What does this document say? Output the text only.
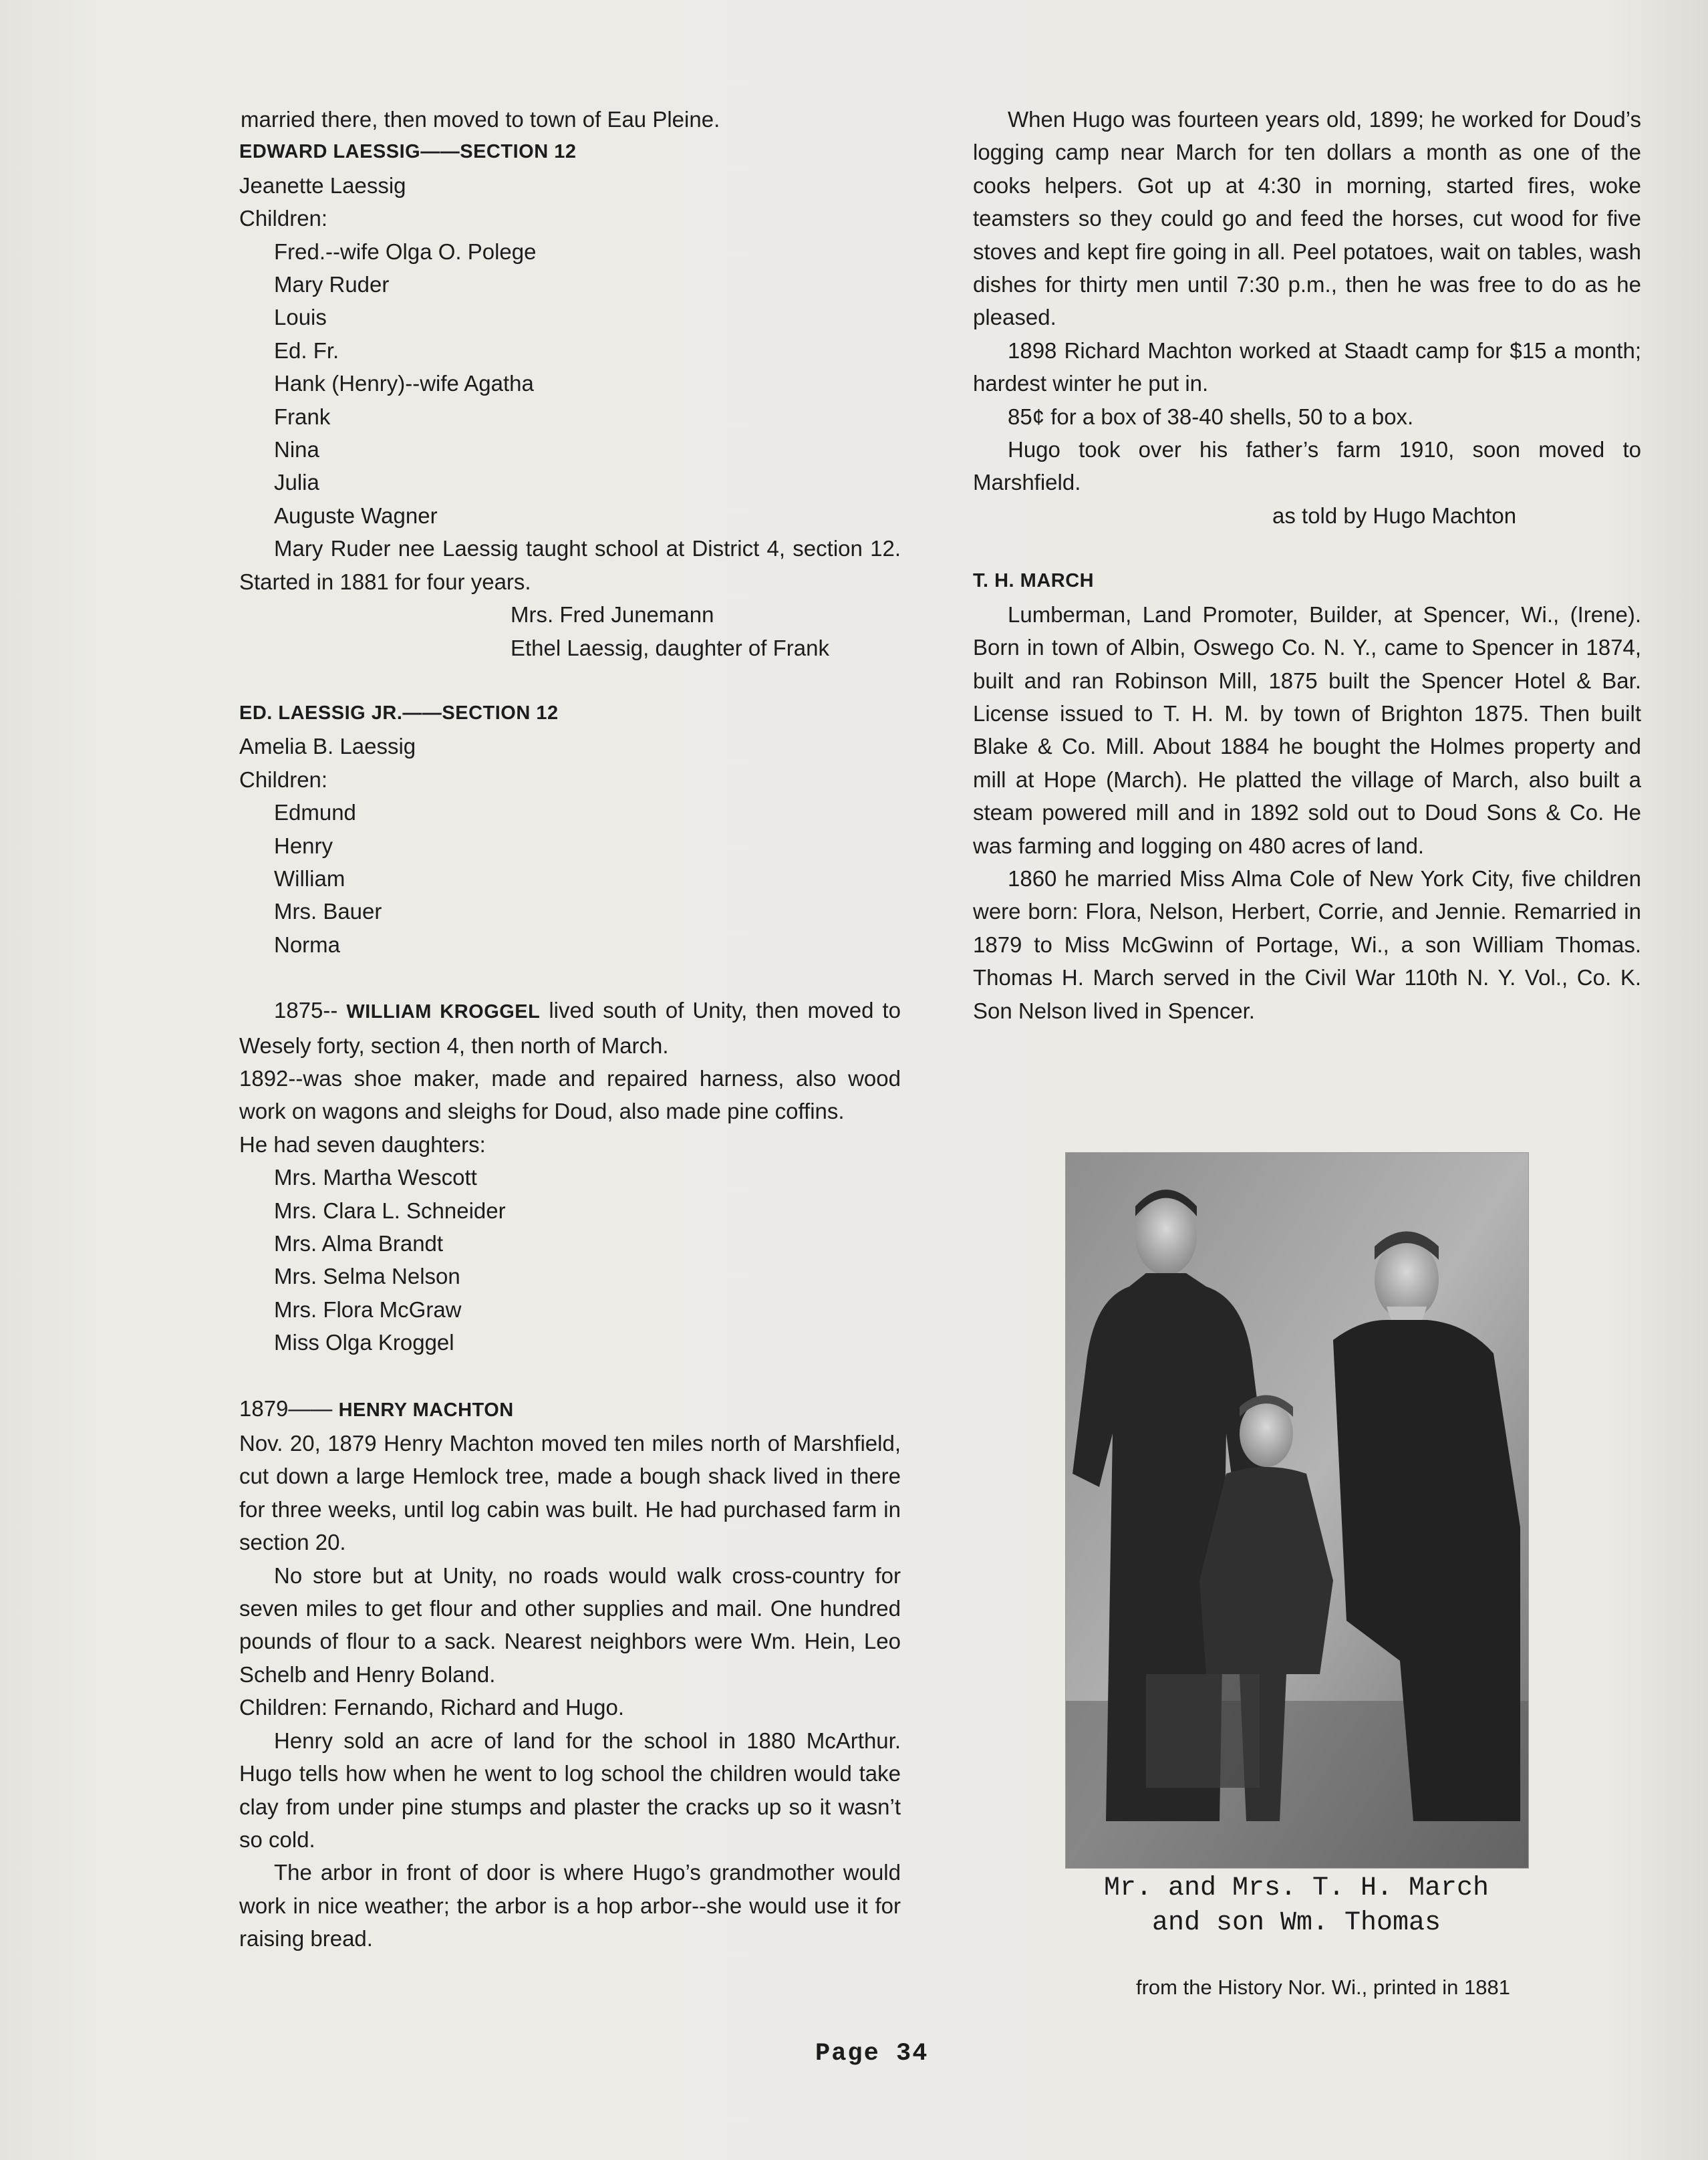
married there, then moved to town of Eau Pleine.

EDWARD LAESSIG——SECTION 12

Jeanette Laessig

Children:

Fred.--wife Olga O. Polege

Mary Ruder

Louis

Ed. Fr.

Hank (Henry)--wife Agatha

Frank

Nina

Julia

Auguste Wagner

Mary Ruder nee Laessig taught school at District 4, section 12. Started in 1881 for four years.

Mrs. Fred Junemann

Ethel Laessig, daughter of Frank

ED. LAESSIG JR.——SECTION 12

Amelia B. Laessig

Children:

Edmund

Henry

William

Mrs. Bauer

Norma

1875-- WILLIAM KROGGEL lived south of Unity, then moved to Wesely forty, section 4, then north of March.

1892--was shoe maker, made and repaired harness, also wood work on wagons and sleighs for Doud, also made pine coffins.

He had seven daughters:

Mrs. Martha Wescott

Mrs. Clara L. Schneider

Mrs. Alma Brandt

Mrs. Selma Nelson

Mrs. Flora McGraw

Miss Olga Kroggel

1879—— HENRY MACHTON

Nov. 20, 1879 Henry Machton moved ten miles north of Marshfield, cut down a large Hemlock tree, made a bough shack lived in there for three weeks, until log cabin was built. He had purchased farm in section 20.

No store but at Unity, no roads would walk cross-country for seven miles to get flour and other supplies and mail. One hundred pounds of flour to a sack. Nearest neighbors were Wm. Hein, Leo Schelb and Henry Boland.

Children: Fernando, Richard and Hugo.

Henry sold an acre of land for the school in 1880 McArthur. Hugo tells how when he went to log school the children would take clay from under pine stumps and plaster the cracks up so it wasn’t so cold.

The arbor in front of door is where Hugo’s grandmother would work in nice weather; the arbor is a hop arbor--she would use it for raising bread.

When Hugo was fourteen years old, 1899; he worked for Doud’s logging camp near March for ten dollars a month as one of the cooks helpers. Got up at 4:30 in morning, started fires, woke teamsters so they could go and feed the horses, cut wood for five stoves and kept fire going in all. Peel potatoes, wait on tables, wash dishes for thirty men until 7:30 p.m., then he was free to do as he pleased.

1898 Richard Machton worked at Staadt camp for $15 a month; hardest winter he put in.

85¢ for a box of 38-40 shells, 50 to a box.

Hugo took over his father’s farm 1910, soon moved to Marshfield.

as told by Hugo Machton

T. H. MARCH

Lumberman, Land Promoter, Builder, at Spencer, Wi., (Irene). Born in town of Albin, Oswego Co. N. Y., came to Spencer in 1874, built and ran Robinson Mill, 1875 built the Spencer Hotel & Bar. License issued to T. H. M. by town of Brighton 1875. Then built Blake & Co. Mill. About 1884 he bought the Holmes property and mill at Hope (March). He platted the village of March, also built a steam powered mill and in 1892 sold out to Doud Sons & Co. He was farming and logging on 480 acres of land.

1860 he married Miss Alma Cole of New York City, five children were born: Flora, Nelson, Herbert, Corrie, and Jennie. Remarried in 1879 to Miss McGwinn of Portage, Wi., a son William Thomas. Thomas H. March served in the Civil War 110th N. Y. Vol., Co. K. Son Nelson lived in Spencer.

Mr. and Mrs. T. H. March
and son Wm. Thomas
from the History Nor. Wi., printed in 1881
Page 34
